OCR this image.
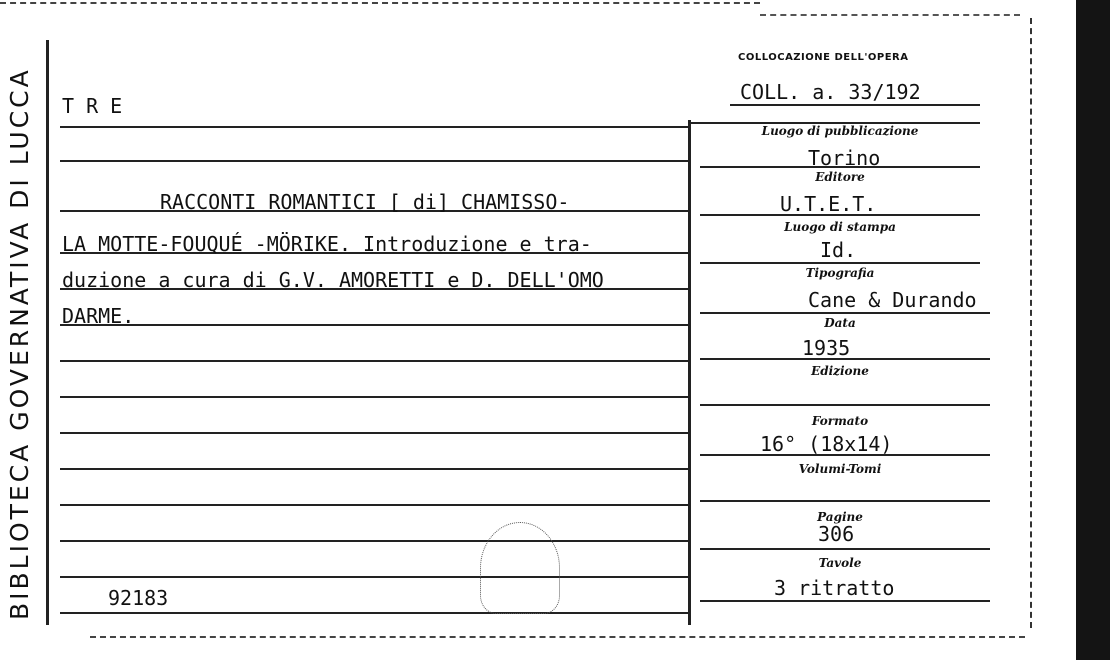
BIBLIOTECA GOVERNATIVA DI LUCCA
COLLOCAZIONE DELL'OPERA
COLL. a. 33/192
T R E
RACCONTI ROMANTICI [ di] CHAMISSO-
LA MOTTE-FOUQUÉ -MÖRIKE. Introduzione e tra-
duzione a cura di G.V. AMORETTI e D. DELL'OMO
DARME.
92183
Luogo di pubblicazione
Torino
Editore
U.T.E.T.
Luogo di stampa
Id.
Tipografia
Cane & Durando
Data
1935
Edizione
Formato
16° (18x14)
Volumi-Tomi
Pagine
306
Tavole
3 ritratto
